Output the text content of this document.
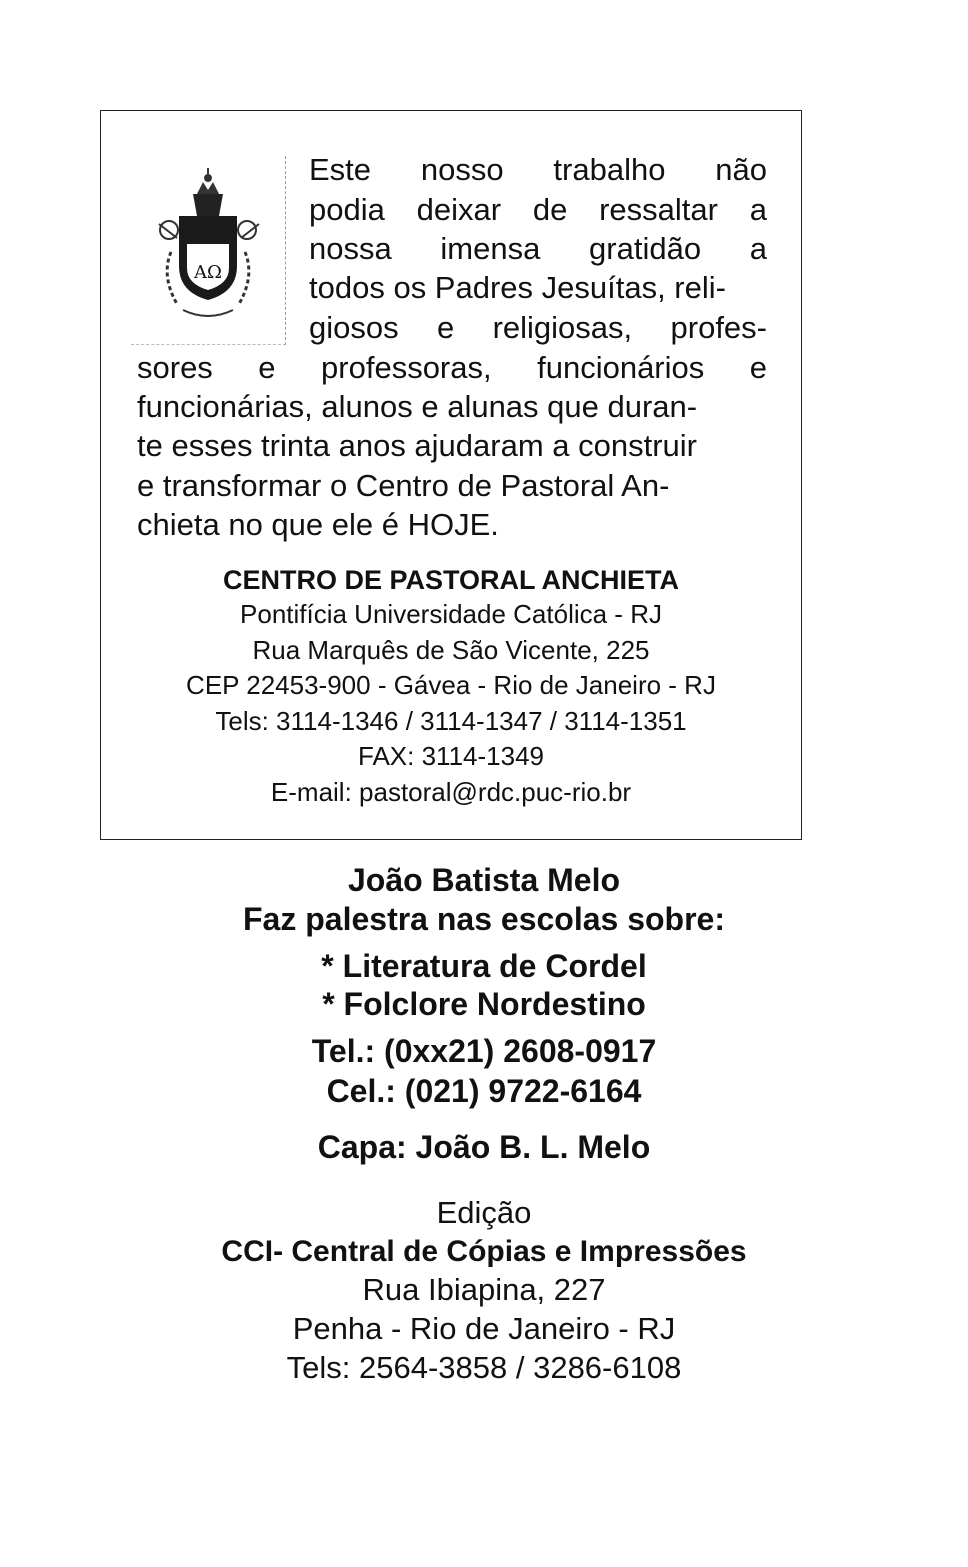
ΑΩ
Este nosso trabalho não
podia deixar de ressaltar a
nossa imensa gratidão a
todos os Padres Jesuítas, reli-
giosos e religiosas, profes-
sores e professoras, funcionários e
funcionárias, alunos e alunas que duran-
te esses trinta anos ajudaram a construir
e transformar o Centro de Pastoral An-
chieta no que ele é HOJE.
CENTRO DE PASTORAL ANCHIETA
Pontifícia Universidade Católica - RJ
Rua Marquês de São Vicente, 225
CEP 22453-900 - Gávea - Rio de Janeiro - RJ
Tels: 3114-1346 / 3114-1347 / 3114-1351
FAX: 3114-1349
E-mail: pastoral@rdc.puc-rio.br
João Batista Melo
Faz palestra nas escolas sobre:
* Literatura de Cordel
* Folclore Nordestino
Tel.: (0xx21) 2608-0917
Cel.: (021) 9722-6164
Capa: João B. L. Melo
Edição
CCI- Central de Cópias e Impressões
Rua Ibiapina, 227
Penha - Rio de Janeiro - RJ
Tels: 2564-3858 / 3286-6108
